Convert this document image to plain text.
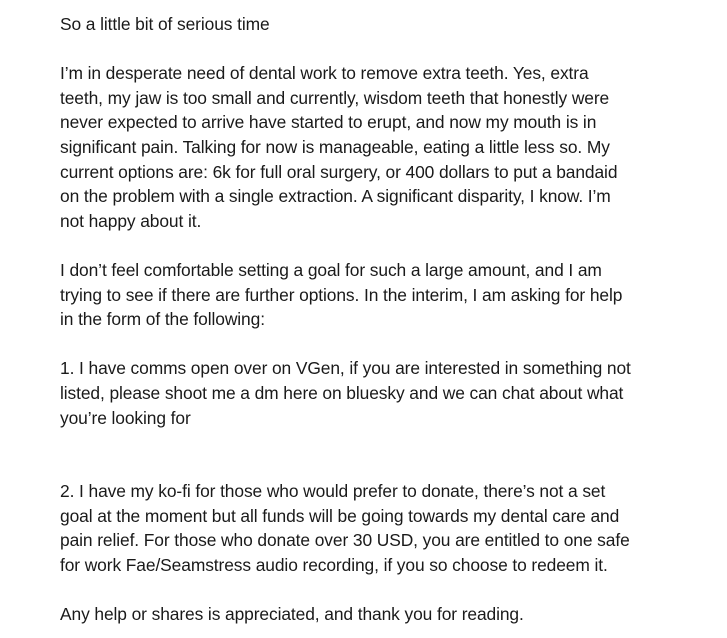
So a little bit of serious time

I’m in desperate need of dental work to remove extra teeth. Yes, extra
teeth, my jaw is too small and currently, wisdom teeth that honestly were
never expected to arrive have started to erupt, and now my mouth is in
significant pain. Talking for now is manageable, eating a little less so. My
current options are: 6k for full oral surgery, or 400 dollars to put a bandaid
on the problem with a single extraction. A significant disparity, I know. I’m
not happy about it.

I don’t feel comfortable setting a goal for such a large amount, and I am
trying to see if there are further options. In the interim, I am asking for help
in the form of the following:

1. I have comms open over on VGen, if you are interested in something not
listed, please shoot me a dm here on bluesky and we can chat about what
you’re looking for

2. I have my ko-fi for those who would prefer to donate, there’s not a set
goal at the moment but all funds will be going towards my dental care and
pain relief. For those who donate over 30 USD, you are entitled to one safe
for work Fae/Seamstress audio recording, if you so choose to redeem it.

Any help or shares is appreciated, and thank you for reading.
